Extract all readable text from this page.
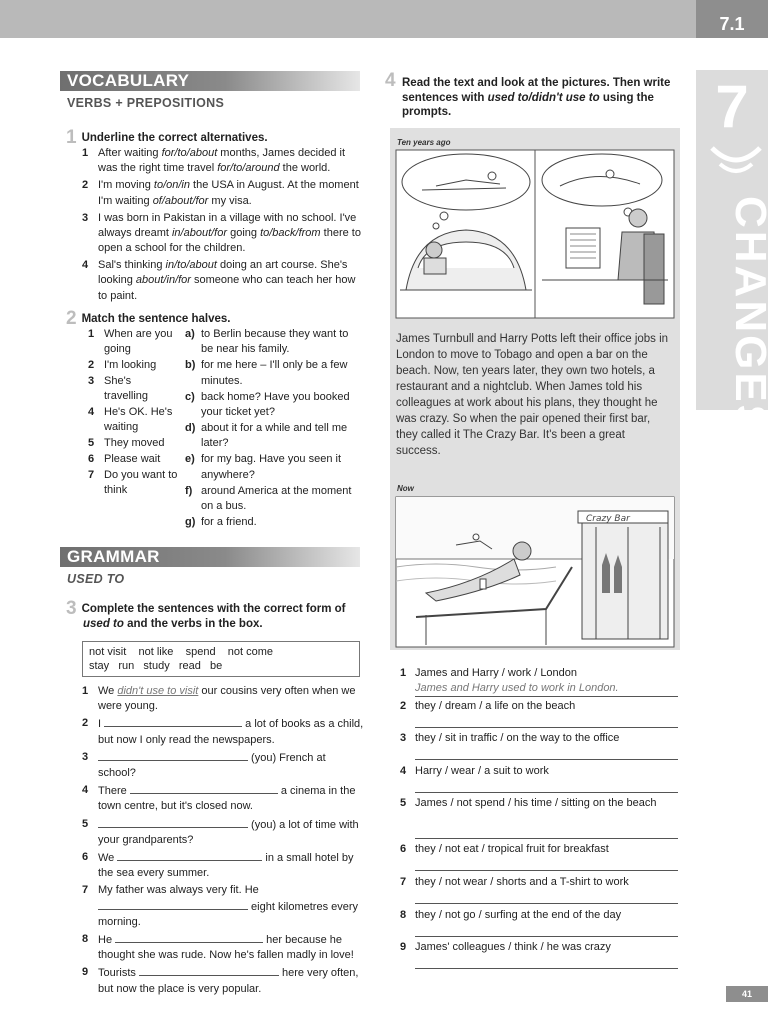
7.1
7
CHANGES
VOCABULARY
VERBS + PREPOSITIONS
1 Underline the correct alternatives.
1 After waiting for/to/about months, James decided it was the right time travel for/to/around the world.
2 I'm moving to/on/in the USA in August. At the moment I'm waiting of/about/for my visa.
3 I was born in Pakistan in a village with no school. I've always dreamt in/about/for going to/back/from there to open a school for the children.
4 Sal's thinking in/to/about doing an art course. She's looking about/in/for someone who can teach her how to paint.
2 Match the sentence halves.
1 When are you going
2 I'm looking
3 She's travelling
4 He's OK. He's waiting
5 They moved
6 Please wait
7 Do you want to think
a) to Berlin because they want to be near his family.
b) for me here – I'll only be a few minutes.
c) back home? Have you booked your ticket yet?
d) about it for a while and tell me later?
e) for my bag. Have you seen it anywhere?
f) around America at the moment on a bus.
g) for a friend.
GRAMMAR
USED TO
3 Complete the sentences with the correct form of
used to and the verbs in the box.
not visit    not like    spend    not come
stay   run   study   read   be
1 We didn't use to visit our cousins very often when we were young.
2 I	a lot of books as a child, but now I only read the newspapers.
3	(you) French at school?
4 There	a cinema in the town centre, but it's closed now.
5	(you) a lot of time with your grandparents?
6 We	in a small hotel by the sea every summer.
7 My father was always very fit. He  eight kilometres every morning.
8 He	her because he thought she was rude. Now he's fallen madly in love!
9 Tourists	here very often, but now the place is very popular.
4 Read the text and look at the pictures. Then write sentences with used to/didn't use to using the prompts.
Ten years ago
James Turnbull and Harry Potts left their office jobs in London to move to Tobago and open a bar on the beach. Now, ten years later, they own two hotels, a restaurant and a nightclub. When James told his colleagues at work about his plans, they thought he was crazy. So when the pair opened their first bar, they called it The Crazy Bar. It's been a great success.
Now
Crazy Bar
1 James and Harry / work / London
James and Harry used to work in London.
2 they / dream / a life on the beach
3 they / sit in traffic / on the way to the office
4 Harry / wear / a suit to work
5 James / not spend / his time / sitting on the beach
6 they / not eat / tropical fruit for breakfast
7 they / not wear / shorts and a T-shirt to work
8 they / not go / surfing at the end of the day
9 James' colleagues / think / he was crazy
41
